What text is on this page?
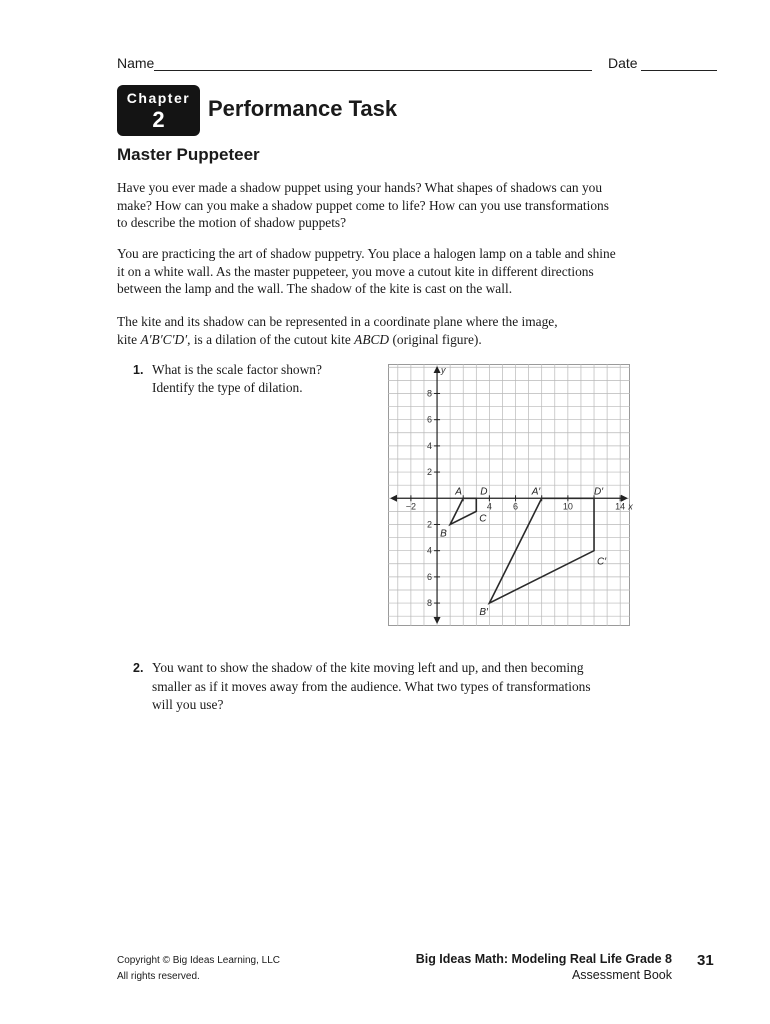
Name	Date
Chapter
2	Performance Task
Master Puppeteer
Have you ever made a shadow puppet using your hands? What shapes of shadows can you make? How can you make a shadow puppet come to life? How can you use transformations to describe the motion of shadow puppets?
You are practicing the art of shadow puppetry. You place a halogen lamp on a table and shine it on a white wall. As the master puppeteer, you move a cutout kite in different directions between the lamp and the wall. The shadow of the kite is cast on the wall.
The kite and its shadow can be represented in a coordinate plane where the image,
kite A′B′C′D′, is a dilation of the cutout kite ABCD (original figure).
1. What is the scale factor shown?
Identify the type of dilation.
−2	4 6	10	14
8
6
4
2
2
4
6
8
x
y
A
B
C
D	A′
B′
C′
D′
2. You want to show the shadow of the kite moving left and up, and then becoming
smaller as if it moves away from the audience. What two types of transformations
will you use?
Copyright © Big Ideas Learning, LLC
All rights reserved.
Big Ideas Math: Modeling Real Life Grade 8
Assessment Book
31
